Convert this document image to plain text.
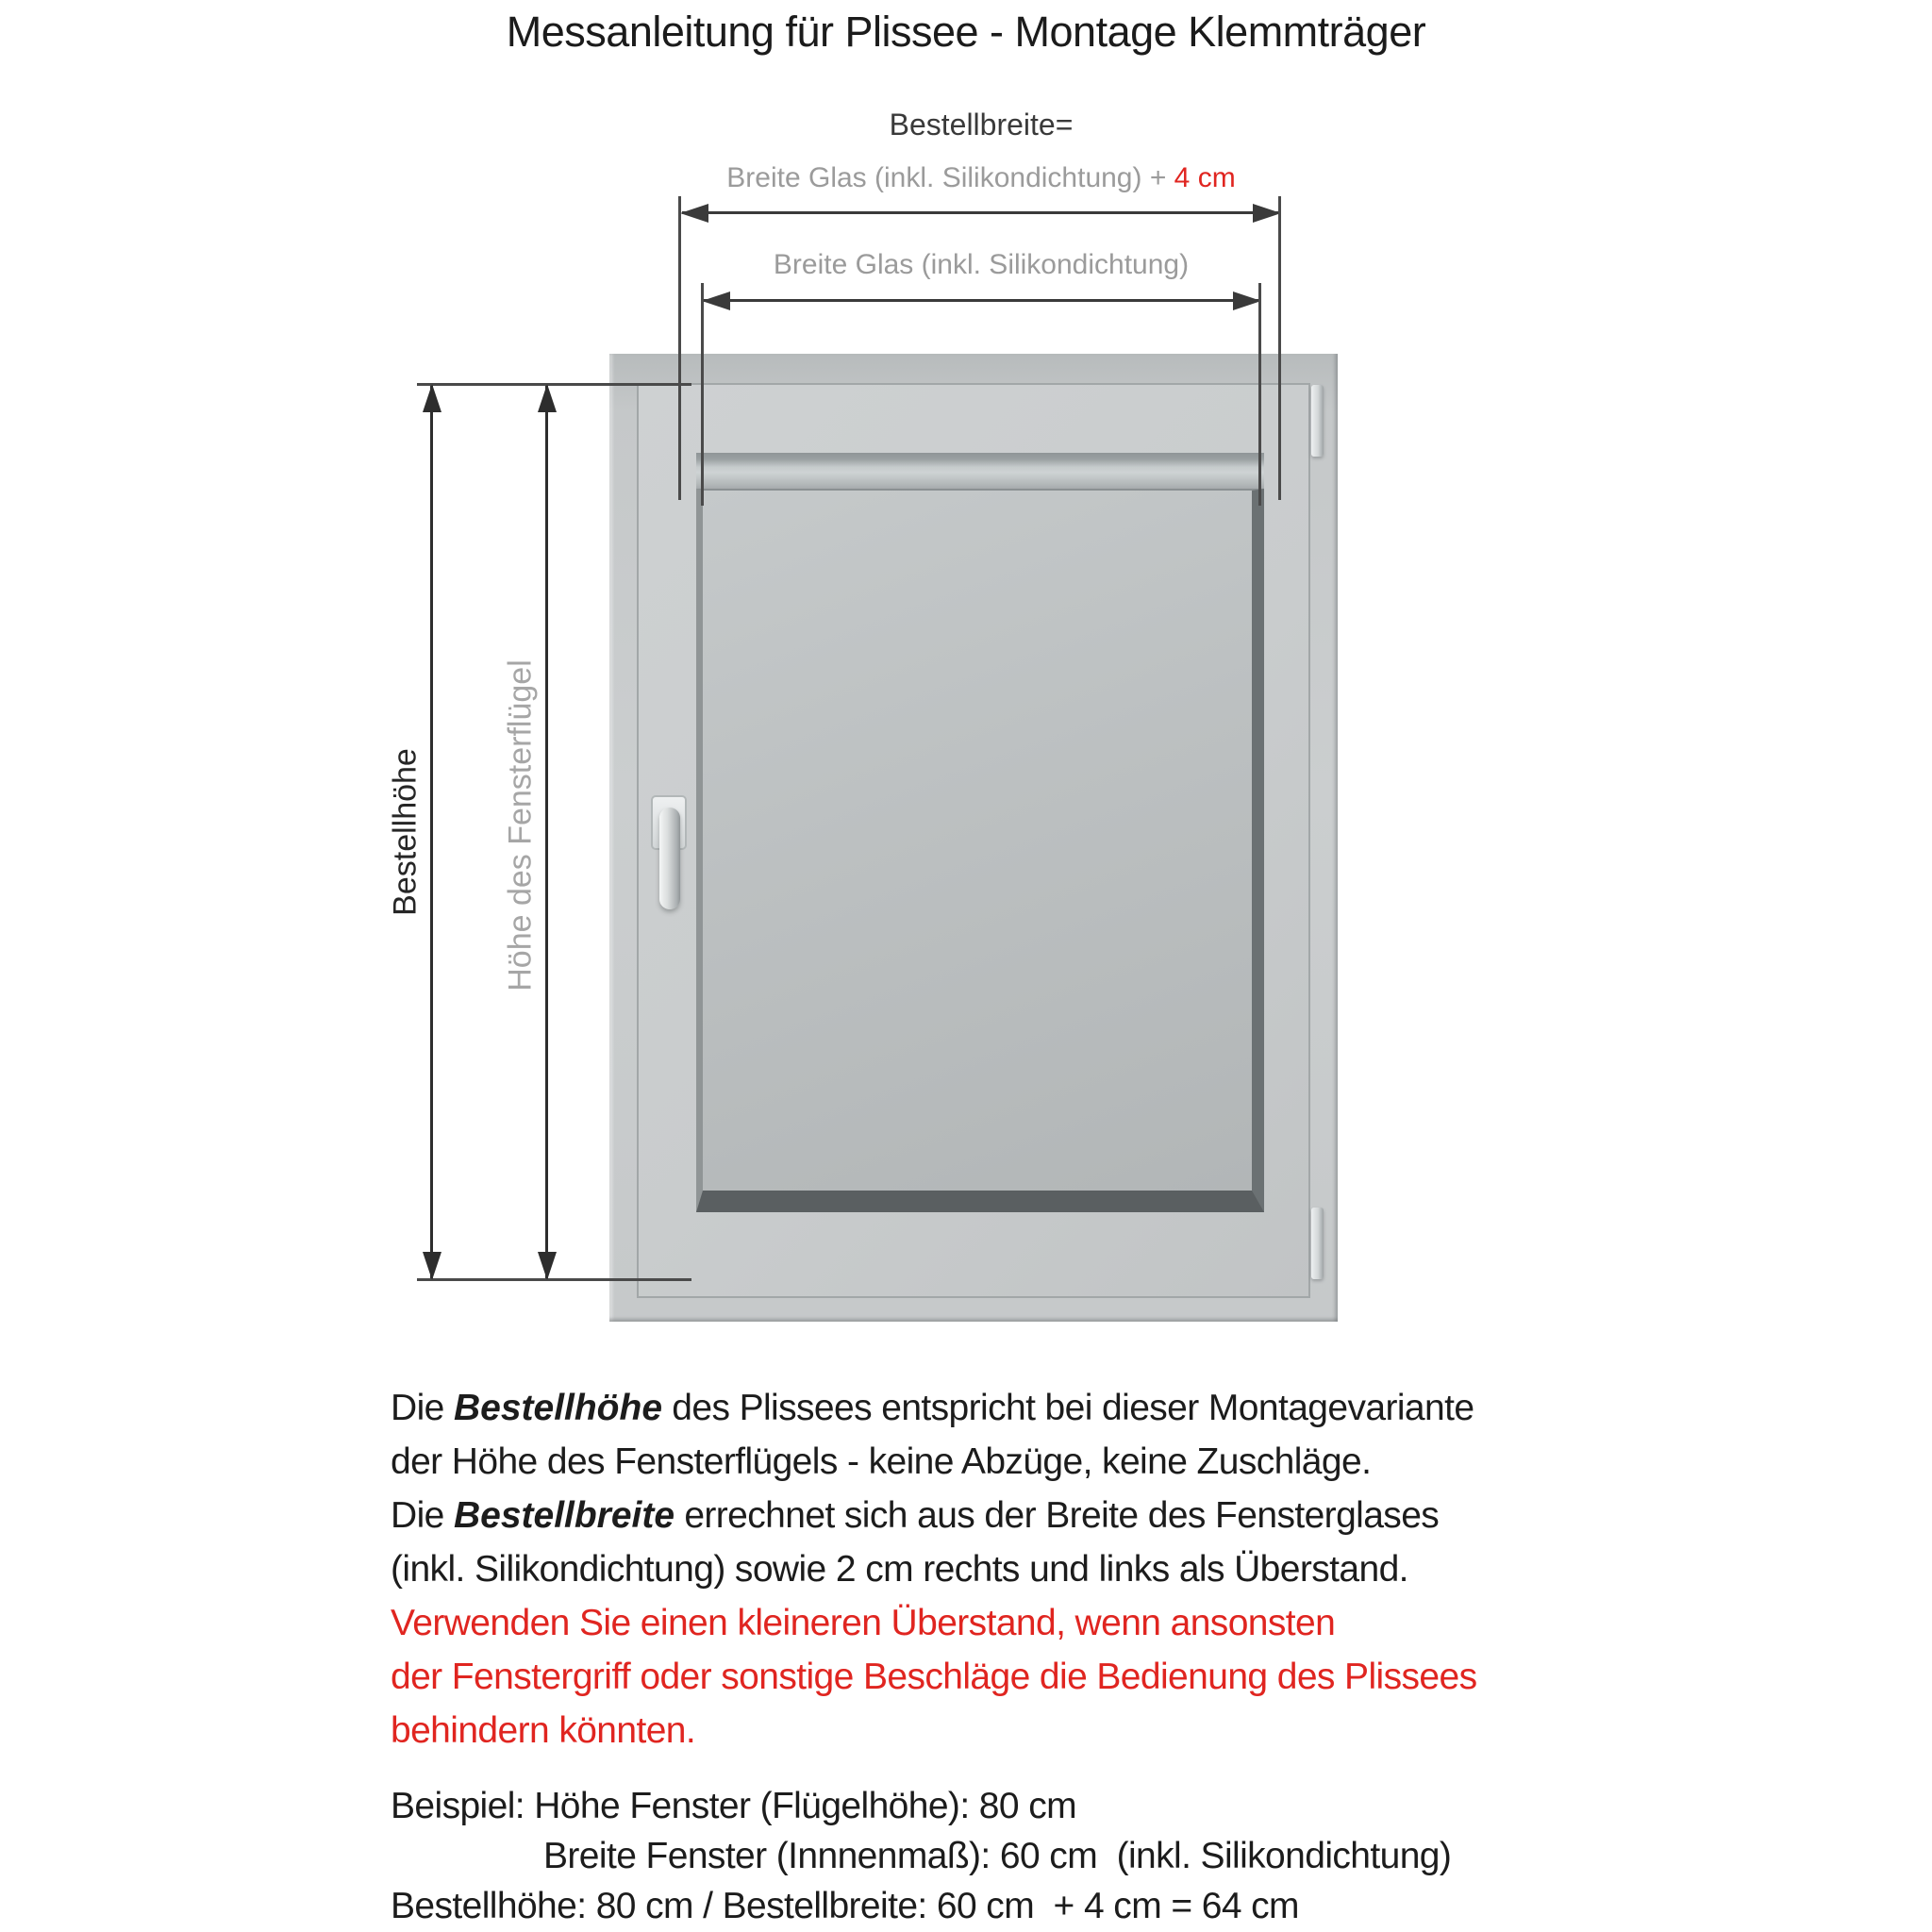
Messanleitung für Plissee - Montage Klemmträger
Bestellbreite=
Breite Glas (inkl. Silikondichtung) + 4 cm
Breite Glas (inkl. Silikondichtung)
Bestellhöhe Höhe des Fensterflügel
Die Bestellhöhe des Plissees entspricht bei dieser Montagevariante
der Höhe des Fensterflügels - keine Abzüge, keine Zuschläge.
Die Bestellbreite errechnet sich aus der Breite des Fensterglases
(inkl. Silikondichtung) sowie 2 cm rechts und links als Überstand.
Verwenden Sie einen kleineren Überstand, wenn ansonsten
der Fenstergriff oder sonstige Beschläge die Bedienung des Plissees
behindern könnten.
Beispiel: Höhe Fenster (Flügelhöhe): 80 cm
Breite Fenster (Innnenmaß): 60 cm  (inkl. Silikondichtung)
Bestellhöhe: 80 cm / Bestellbreite: 60 cm  + 4 cm = 64 cm
